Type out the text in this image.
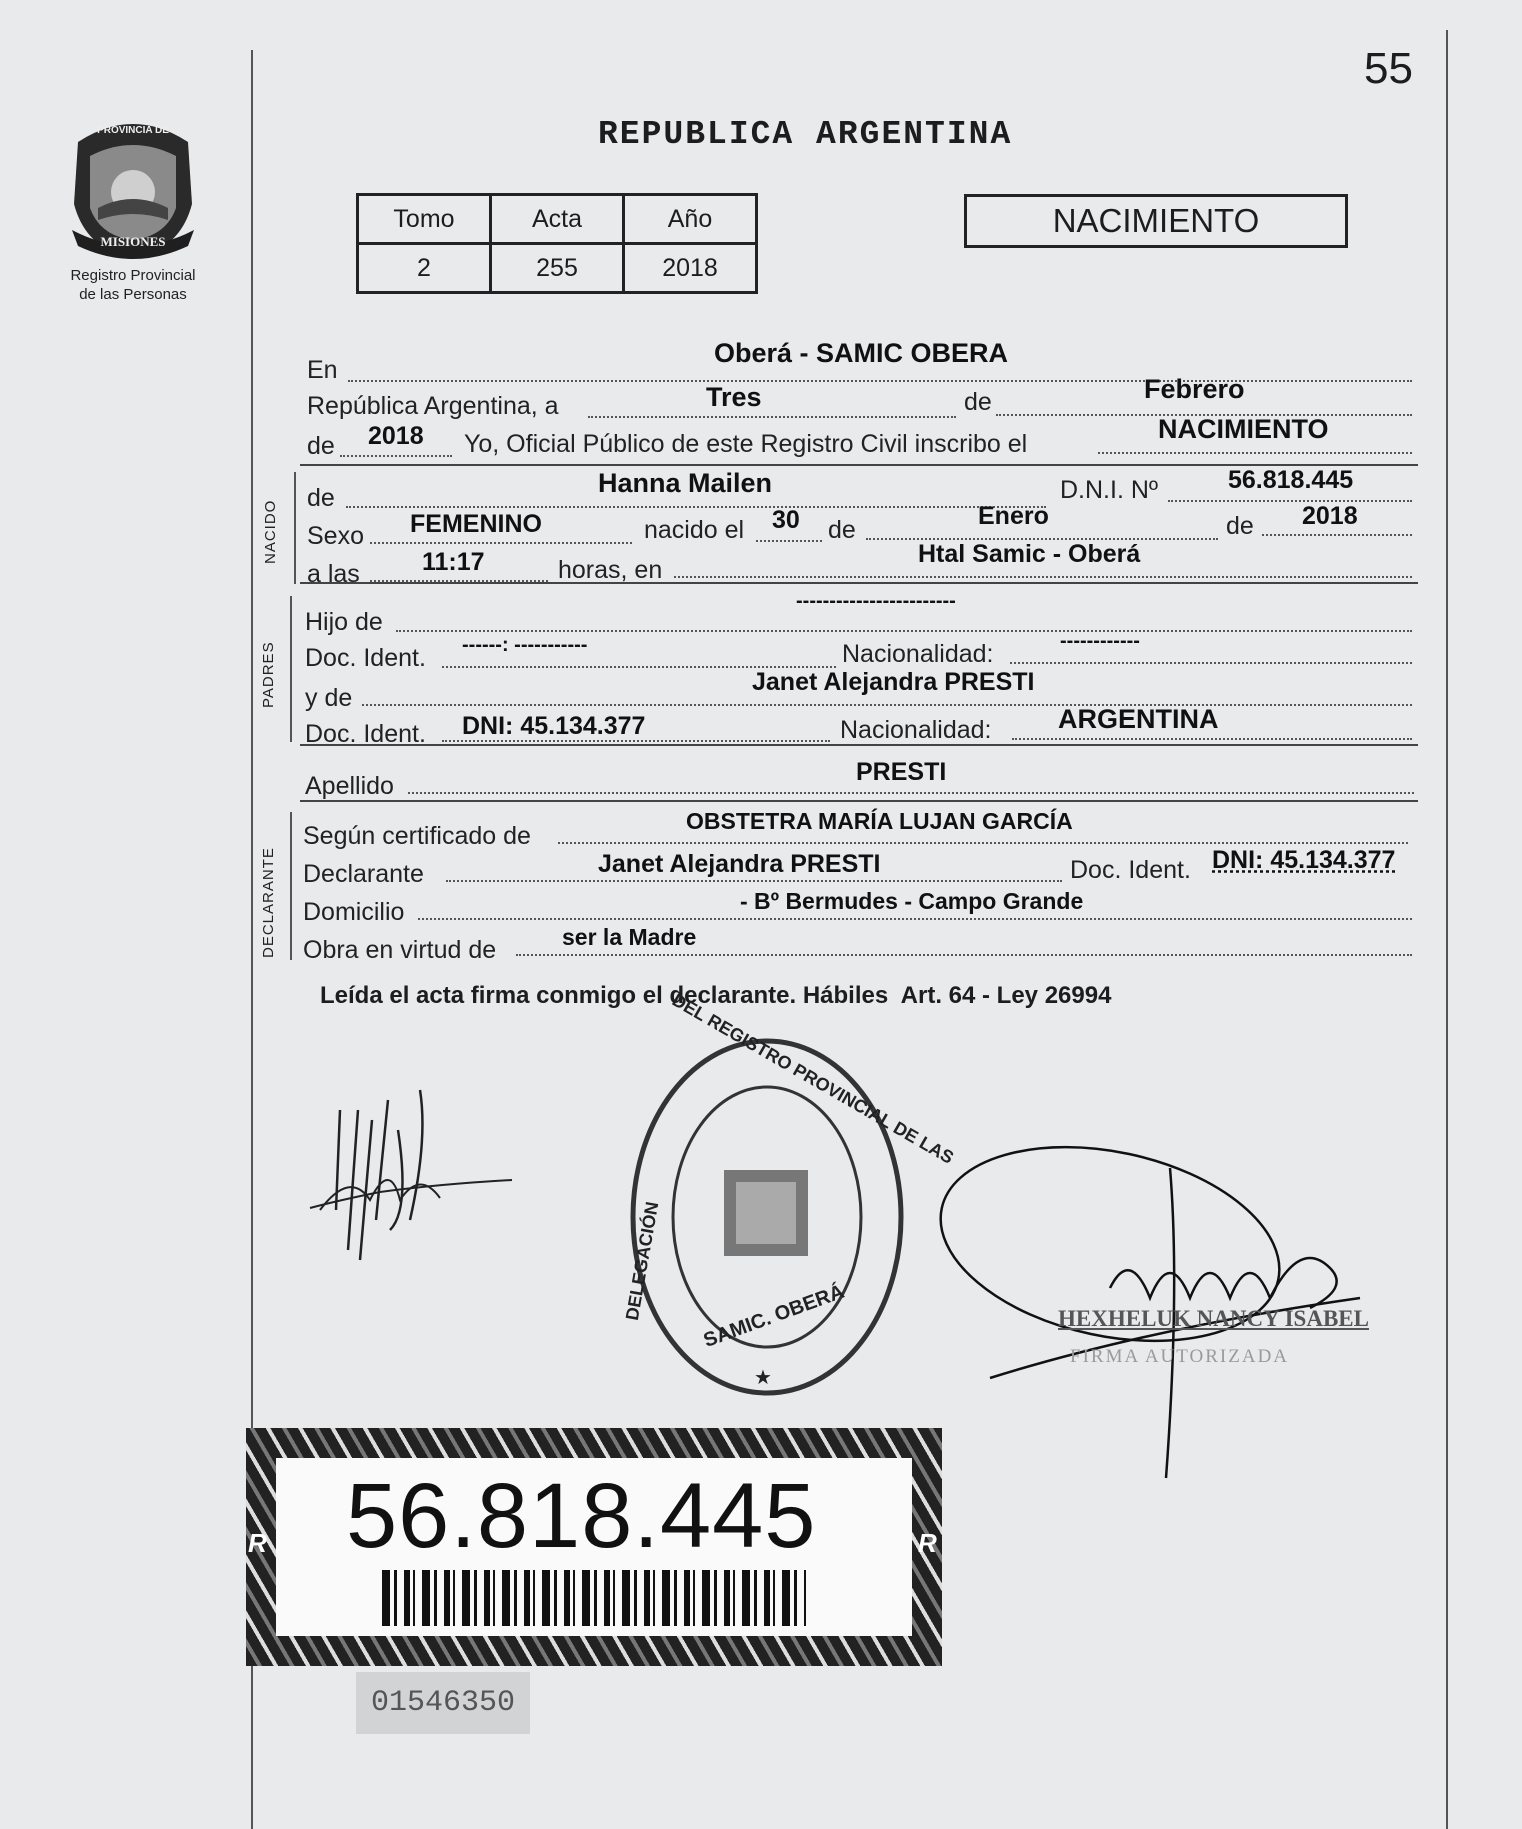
55
PROVINCIA DE
MISIONES
Registro Provincial
de las Personas
REPUBLICA ARGENTINA
Tomo	Acta	Año
2	255	2018
NACIMIENTO
En
Oberá - SAMIC OBERA
República Argentina, a	Tres	de	Febrero
de 2018 Yo, Oficial Público de este Registro Civil inscribo el	NACIMIENTO
NACIDO
de	Hanna Mailen	D.N.I. Nº	56.818.445
Sexo FEMENINO	nacido el 30 de	Enero	de 2018
a las 11:17	horas, en
Htal Samic - Oberá
PADRES
Hijo de
------------------------
Doc. Ident. ------: -----------	Nacionalidad:	------------
y de
Janet Alejandra PRESTI
Doc. Ident. DNI: 45.134.377	Nacionalidad: ARGENTINA
Apellido	PRESTI
DECLARANTE
Según certificado de
OBSTETRA MARÍA LUJAN GARCÍA
Declarante	Janet Alejandra PRESTI	Doc. Ident. DNI: 45.134.377
Domicilio	- Bº Bermudes - Campo Grande
Obra en virtud de	ser la Madre
Leída el acta firma conmigo el declarante. Hábiles  Art. 64 - Ley 26994
DEL REGISTRO PROVINCIAL DE LAS
DELEGACIÓN SAMIC. OBERÁ
★
HEXHELUK NANCY ISABEL
FIRMA AUTORIZADA
R	R
56.818.445
01546350
